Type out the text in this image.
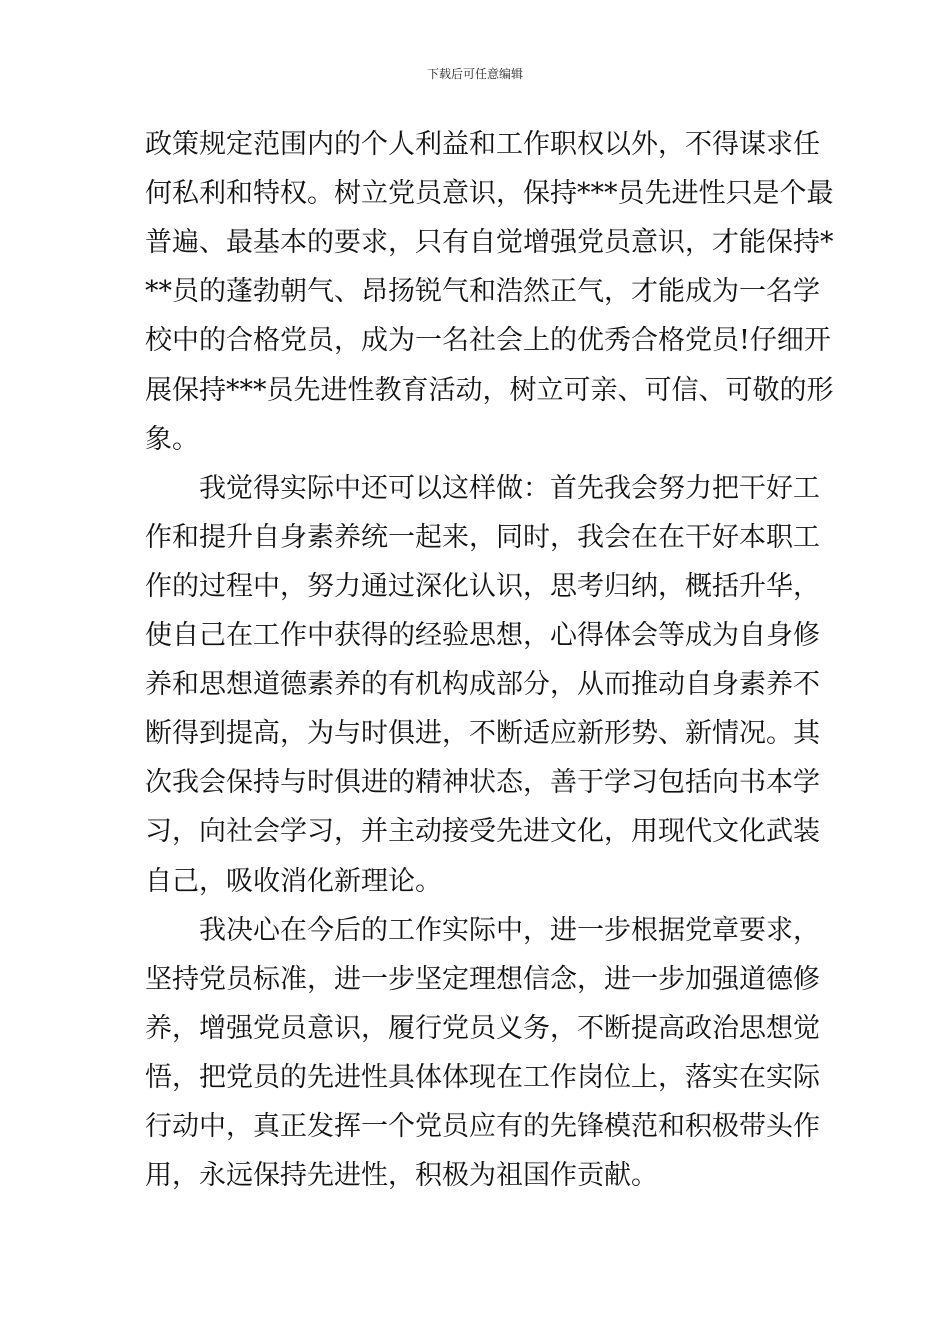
下载后可任意编辑
政策规定范围内的个人利益和工作职权以外，不得谋求任
何私利和特权。树立党员意识，保持***员先进性只是个最
普遍、最基本的要求，只有自觉增强党员意识，才能保持*
**员的蓬勃朝气、昂扬锐气和浩然正气，才能成为一名学
校中的合格党员，成为一名社会上的优秀合格党员!仔细开
展保持***员先进性教育活动，树立可亲、可信、可敬的形
象。
我觉得实际中还可以这样做：首先我会努力把干好工
作和提升自身素养统一起来，同时，我会在在干好本职工
作的过程中，努力通过深化认识，思考归纳，概括升华，
使自己在工作中获得的经验思想，心得体会等成为自身修
养和思想道德素养的有机构成部分，从而推动自身素养不
断得到提高，为与时俱进，不断适应新形势、新情况。其
次我会保持与时俱进的精神状态，善于学习包括向书本学
习，向社会学习，并主动接受先进文化，用现代文化武装
自己，吸收消化新理论。
我决心在今后的工作实际中，进一步根据党章要求，
坚持党员标准，进一步坚定理想信念，进一步加强道德修
养，增强党员意识，履行党员义务，不断提高政治思想觉
悟，把党员的先进性具体体现在工作岗位上，落实在实际
行动中，真正发挥一个党员应有的先锋模范和积极带头作
用，永远保持先进性，积极为祖国作贡献。
